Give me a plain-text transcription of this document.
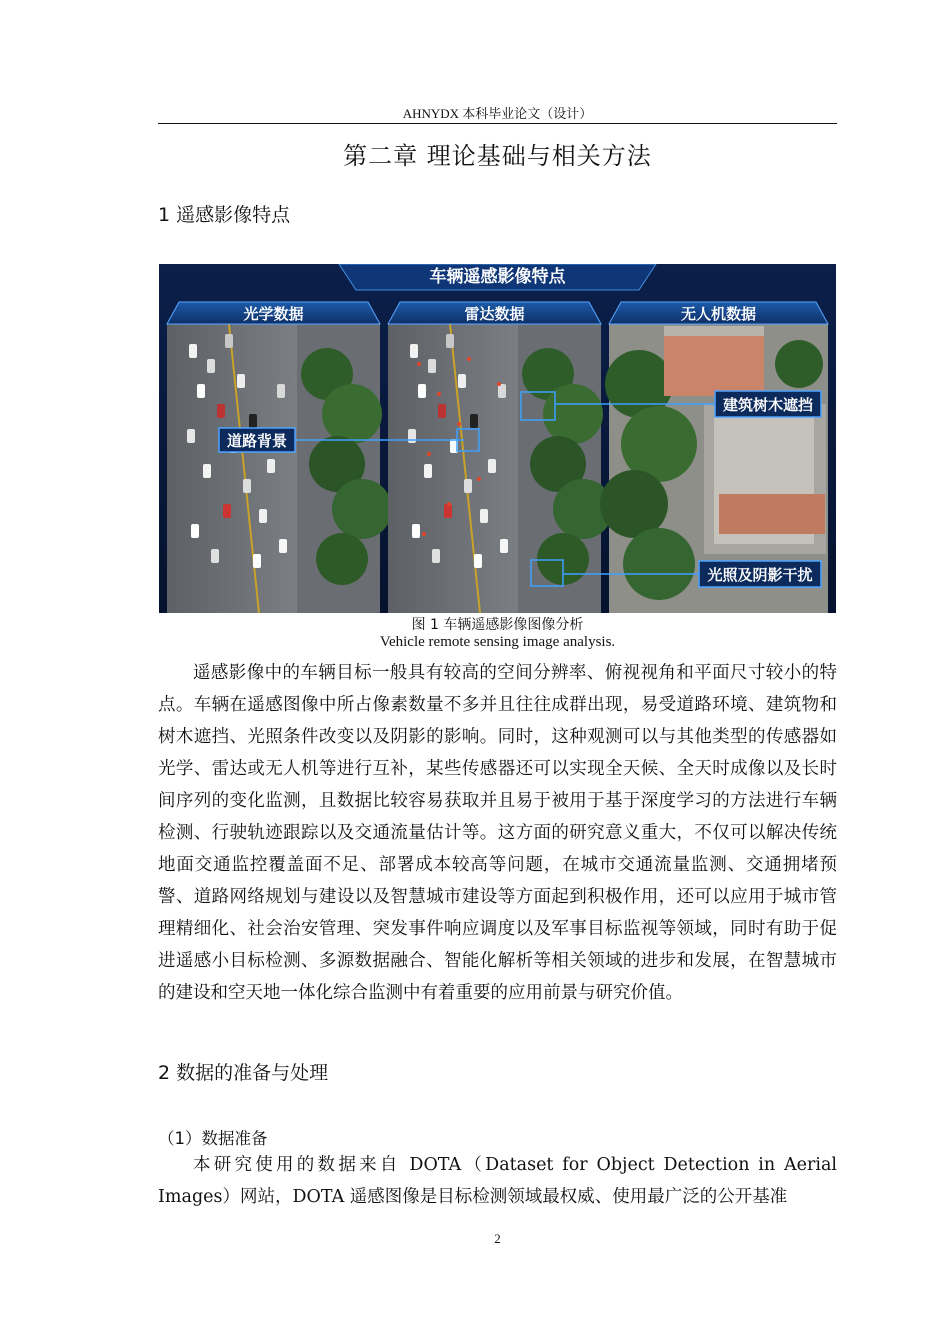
AHNYDX 本科毕业论文（设计）
第二章 理论基础与相关方法
1 遥感影像特点
车辆遥感影像特点
光学数据	雷达数据	无人机数据
道路背景
建筑树木遮挡
光照及阴影干扰
图 1 车辆遥感影像图像分析
Vehicle remote sensing image analysis.
遥感影像中的车辆目标一般具有较高的空间分辨率、俯视视角和平面尺寸较小的特点。车辆在遥感图像中所占像素数量不多并且往往成群出现，易受道路环境、建筑物和树木遮挡、光照条件改变以及阴影的影响。同时，这种观测可以与其他类型的传感器如光学、雷达或无人机等进行互补，某些传感器还可以实现全天候、全天时成像以及长时间序列的变化监测，且数据比较容易获取并且易于被用于基于深度学习的方法进行车辆检测、行驶轨迹跟踪以及交通流量估计等。这方面的研究意义重大，不仅可以解决传统地面交通监控覆盖面不足、部署成本较高等问题，在城市交通流量监测、交通拥堵预警、道路网络规划与建设以及智慧城市建设等方面起到积极作用，还可以应用于城市管理精细化、社会治安管理、突发事件响应调度以及军事目标监视等领域，同时有助于促进遥感小目标检测、多源数据融合、智能化解析等相关领域的进步和发展，在智慧城市的建设和空天地一体化综合监测中有着重要的应用前景与研究价值。
2 数据的准备与处理
（1）数据准备
本研究使用的数据来自 DOTA（Dataset for Object Detection in Aerial Images）网站，DOTA 遥感图像是目标检测领域最权威、使用最广泛的公开基准
2
